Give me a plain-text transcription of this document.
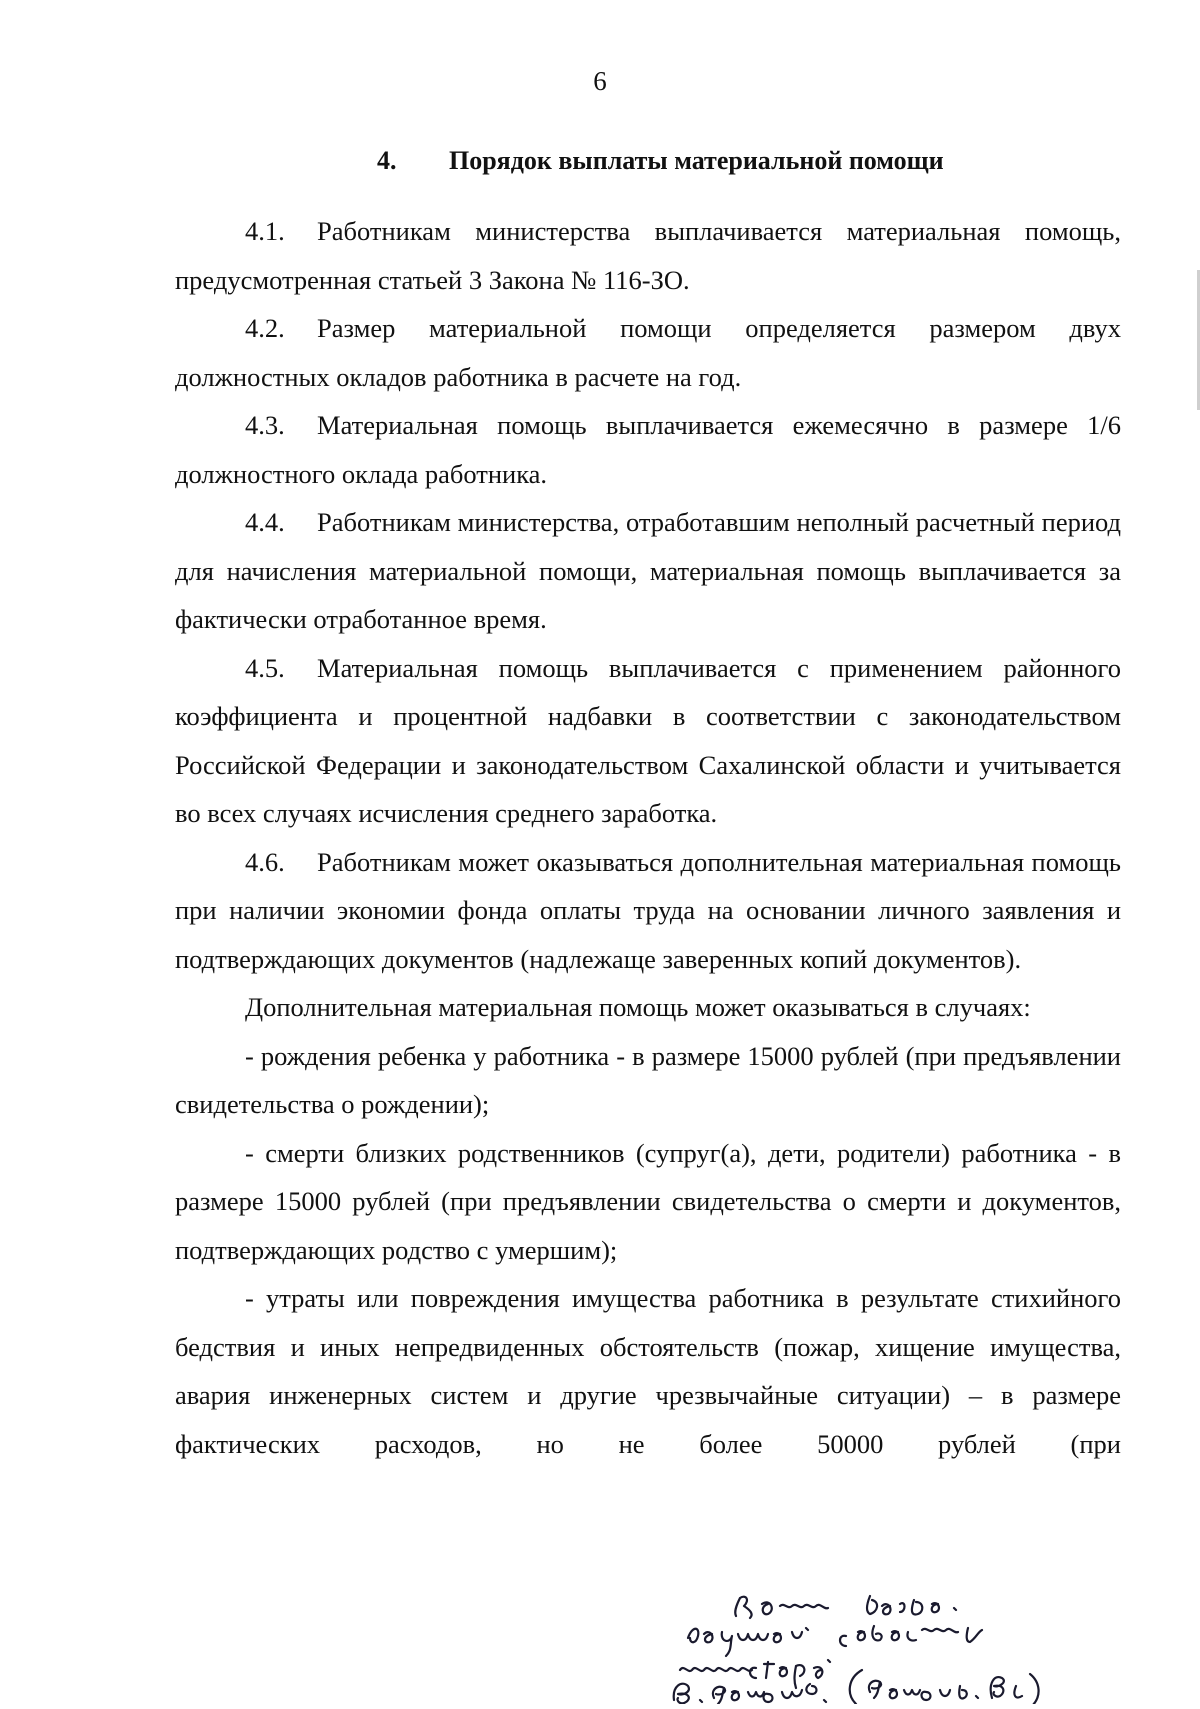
6
4. Порядок выплаты материальной помощи

4.1. Работникам министерства выплачивается материальная помощь, предусмотренная статьей 3 Закона № 116-ЗО.

4.2. Размер материальной помощи определяется размером двух должностных окладов работника в расчете на год.

4.3. Материальная помощь выплачивается ежемесячно в размере 1/6 должностного оклада работника.

4.4. Работникам министерства, отработавшим неполный расчетный период для начисления материальной помощи, материальная помощь выплачивается за фактически отработанное время.

4.5. Материальная помощь выплачивается с применением районного коэффициента и процентной надбавки в соответствии с законодательством Российской Федерации и законодательством Сахалинской области и учитывается во всех случаях исчисления среднего заработка.

4.6. Работникам может оказываться дополнительная материальная помощь при наличии экономии фонда оплаты труда на основании личного заявления и подтверждающих документов (надлежаще заверенных копий документов).

Дополнительная материальная помощь может оказываться в случаях:

- рождения ребенка у работника - в размере 15000 рублей (при предъявлении свидетельства о рождении);

- смерти близких родственников (супруг(а), дети, родители) работника - в размере 15000 рублей (при предъявлении свидетельства о смерти и документов, подтверждающих родство с умершим);

- утраты или повреждения имущества работника в результате стихийного бедствия и иных непредвиденных обстоятельств (пожар, хищение имущества, авария инженерных систем и другие чрезвычайные ситуации) – в размере фактических расходов, но не более 50000 рублей (при
